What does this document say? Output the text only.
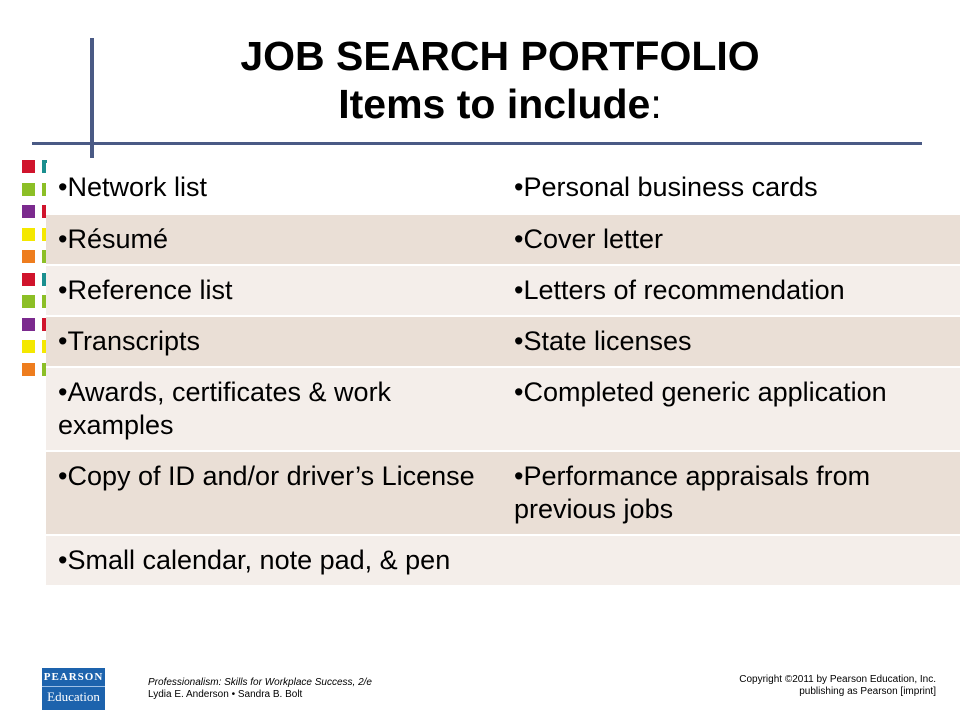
JOB SEARCH PORTFOLIO
Items to include:
•Network list	•Personal business cards
•Résumé	•Cover letter
•Reference list	•Letters of recommendation
•Transcripts	•State licenses
•Awards, certificates & work examples	•Completed generic application
•Copy of ID and/or driver’s License	•Performance appraisals from previous jobs
•Small calendar, note pad, & pen	
PEARSON
Education
Professionalism: Skills for Workplace Success, 2/e
Lydia E. Anderson • Sandra B. Bolt
Copyright ©2011 by Pearson Education, Inc.
publishing as Pearson [imprint]
